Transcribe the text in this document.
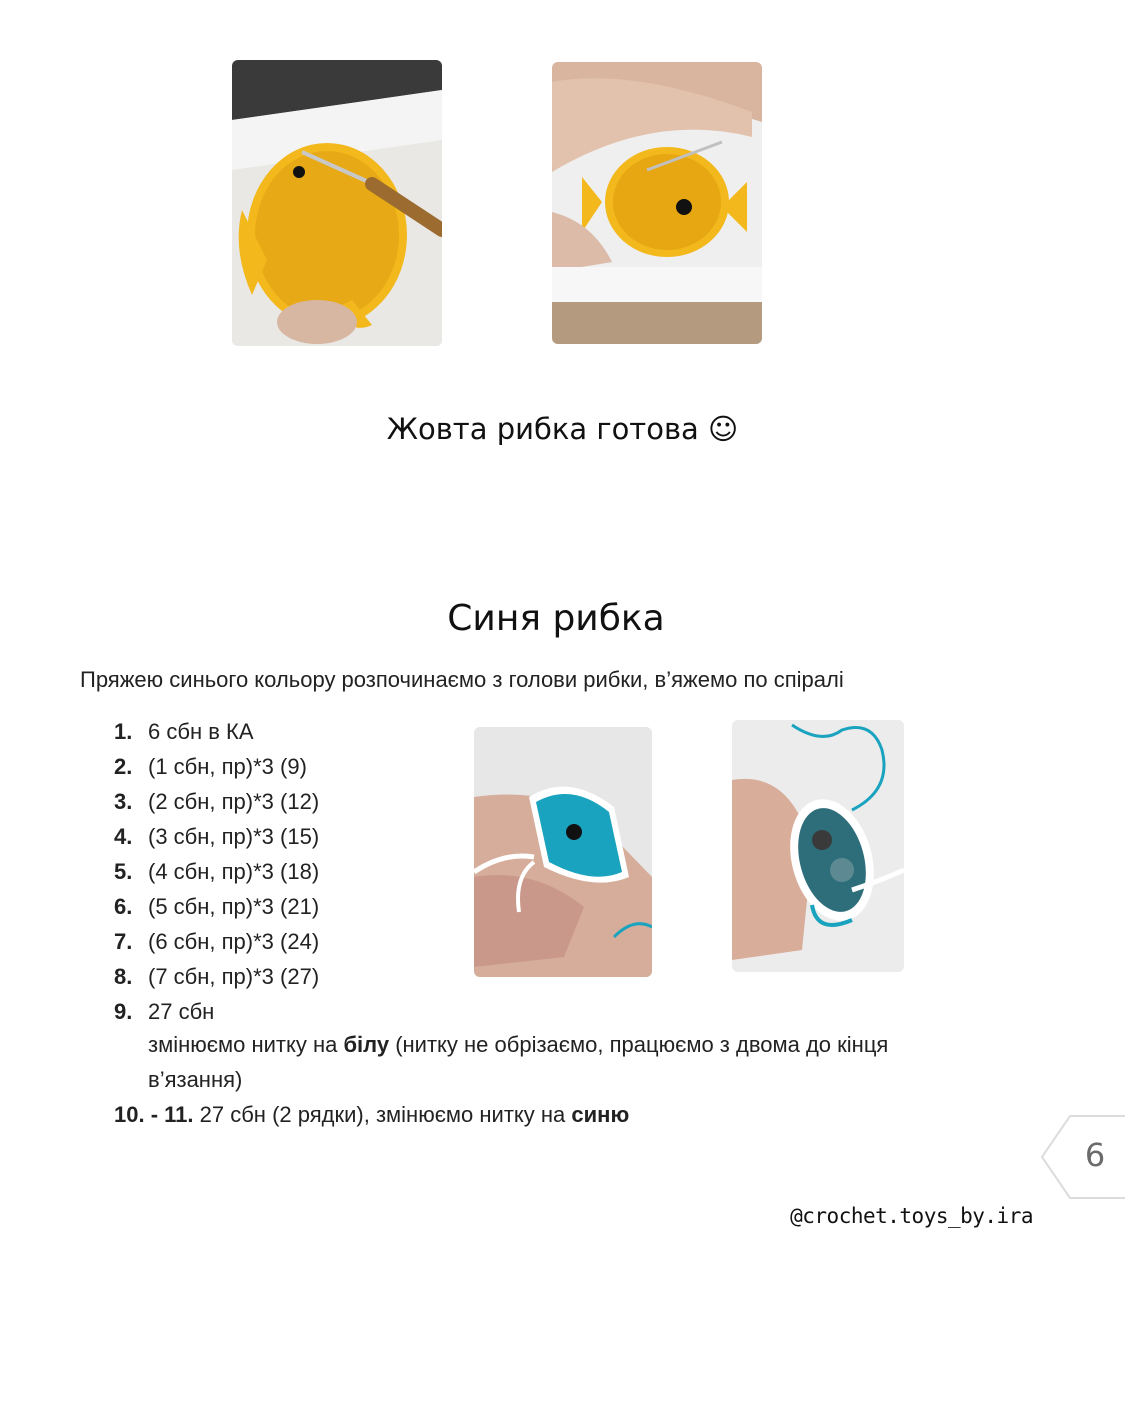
Жовта рибка готова ☺
Синя рибка
Пряжею синього кольору розпочинаємо з голови рибки, в’яжемо по спіралі
1. 6 сбн в КА
2. (1 сбн, пр)*3 (9)
3. (2 сбн, пр)*3 (12)
4. (3 сбн, пр)*3 (15)
5. (4 сбн, пр)*3 (18)
6. (5 сбн, пр)*3 (21)
7. (6 сбн, пр)*3 (24)
8. (7 сбн, пр)*3 (27)
9. 27 сбн
змінюємо нитку на білу (нитку не обрізаємо, працюємо з двома до кінця
в’язання)
10. - 11. 27 сбн (2 рядки), змінюємо нитку на синю
6
@crochet.toys_by.ira
